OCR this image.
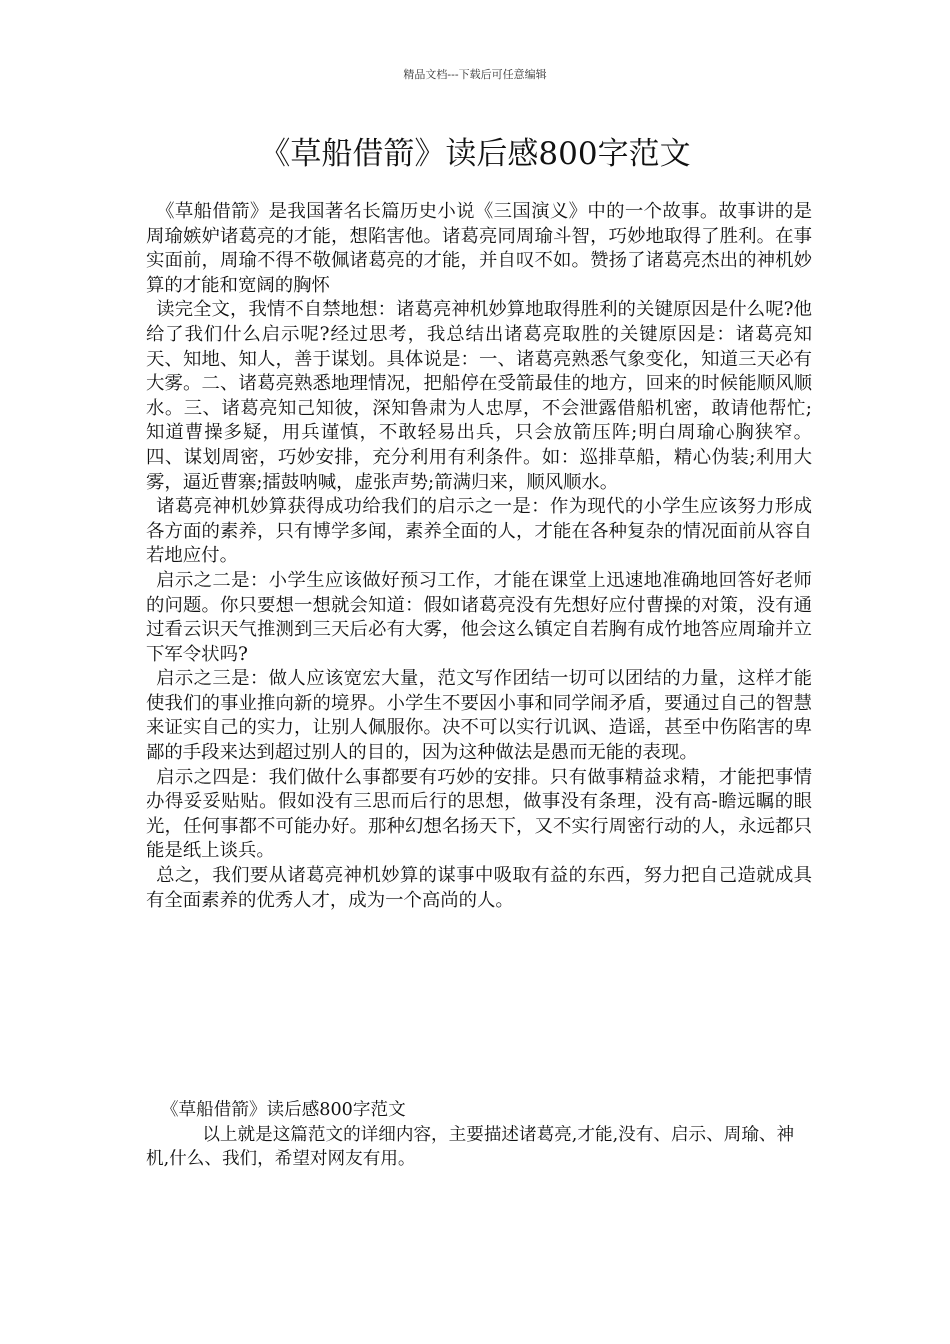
精品文档---下载后可任意编辑
《草船借箭》读后感800字范文

《草船借箭》是我国著名长篇历史小说《三国演义》中的一个故事。故事讲的是周瑜嫉妒诸葛亮的才能，想陷害他。诸葛亮同周瑜斗智，巧妙地取得了胜利。在事实面前，周瑜不得不敬佩诸葛亮的才能，并自叹不如。赞扬了诸葛亮杰出的神机妙算的才能和宽阔的胸怀

读完全文，我情不自禁地想：诸葛亮神机妙算地取得胜利的关键原因是什么呢?他给了我们什么启示呢?经过思考，我总结出诸葛亮取胜的关键原因是：诸葛亮知天、知地、知人，善于谋划。具体说是：一、诸葛亮熟悉气象变化，知道三天必有大雾。二、诸葛亮熟悉地理情况，把船停在受箭最佳的地方，回来的时候能顺风顺水。三、诸葛亮知己知彼，深知鲁肃为人忠厚，不会泄露借船机密，敢请他帮忙;知道曹操多疑，用兵谨慎，不敢轻易出兵，只会放箭压阵;明白周瑜心胸狭窄。四、谋划周密，巧妙安排，充分利用有利条件。如：巡排草船，精心伪装;利用大雾，逼近曹寨;擂鼓呐喊，虚张声势;箭满归来，顺风顺水。

诸葛亮神机妙算获得成功给我们的启示之一是：作为现代的小学生应该努力形成各方面的素养，只有博学多闻，素养全面的人，才能在各种复杂的情况面前从容自若地应付。

启示之二是：小学生应该做好预习工作，才能在课堂上迅速地准确地回答好老师的问题。你只要想一想就会知道：假如诸葛亮没有先想好应付曹操的对策，没有通过看云识天气推测到三天后必有大雾，他会这么镇定自若胸有成竹地答应周瑜并立下军令状吗?

启示之三是：做人应该宽宏大量，范文写作团结一切可以团结的力量，这样才能使我们的事业推向新的境界。小学生不要因小事和同学闹矛盾，要通过自己的智慧来证实自己的实力，让别人佩服你。决不可以实行讥讽、造谣，甚至中伤陷害的卑鄙的手段来达到超过别人的目的，因为这种做法是愚而无能的表现。

启示之四是：我们做什么事都要有巧妙的安排。只有做事精益求精，才能把事情办得妥妥贴贴。假如没有三思而后行的思想，做事没有条理，没有高-瞻远瞩的眼光，任何事都不可能办好。那种幻想名扬天下，又不实行周密行动的人，永远都只能是纸上谈兵。

总之，我们要从诸葛亮神机妙算的谋事中吸取有益的东西，努力把自己造就成具有全面素养的优秀人才，成为一个高尚的人。

《草船借箭》读后感800字范文

以上就是这篇范文的详细内容，主要描述诸葛亮,才能,没有、启示、周瑜、神机,什么、我们，希望对网友有用。
